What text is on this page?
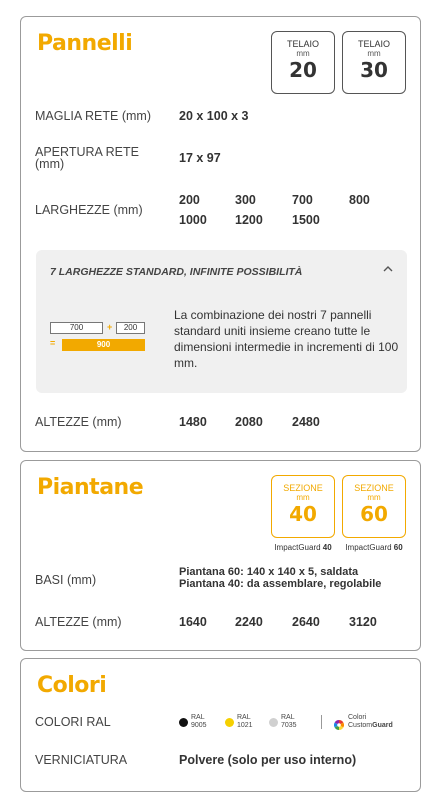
Pannelli	TELAIO
mm
20
TELAIO
mm
30
MAGLIA RETE (mm) 20 x 100 x 3
APERTURA RETE
(mm)	17 x 97
LARGHEZZE (mm)
200	300	700	800
1000 1200 1500
7 LARGHEZZE STANDARD, INFINITE POSSIBILITÀ
700	+	200
=	900
La combinazione dei nostri 7 pannelli standard uniti insieme creano tutte le dimensioni intermedie in incrementi di 100 mm.
ALTEZZE (mm)	1480 2080 2480
Piantane	SEZIONE
mm
40
ImpactGuard 40
SEZIONE
mm
60
ImpactGuard 60
BASI (mm)
Piantana 60: 140 x 140 x 5, saldata
Piantana 40: da assemblare, regolabile
ALTEZZE (mm)	1640 2240 2640 3120
Colori
COLORI RAL	RAL
9005
RAL
1021
RAL
7035
Colori
CustomGuard
VERNICIATURA	Polvere (solo per uso interno)
